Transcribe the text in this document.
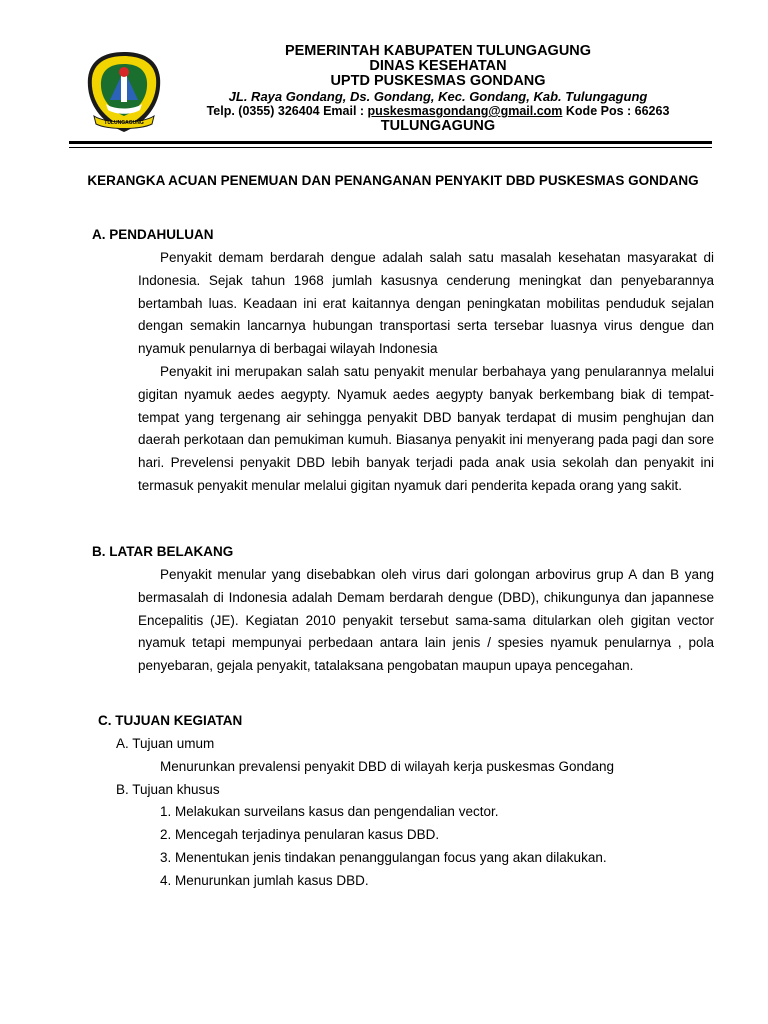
TULUNGAGUNG
PEMERINTAH KABUPATEN TULUNGAGUNG
DINAS KESEHATAN
UPTD PUSKESMAS GONDANG
JL. Raya Gondang, Ds. Gondang, Kec. Gondang, Kab. Tulungagung
Telp. (0355) 326404 Email : puskesmasgondang@gmail.com Kode Pos : 66263
TULUNGAGUNG
KERANGKA ACUAN PENEMUAN DAN PENANGANAN PENYAKIT DBD PUSKESMAS GONDANG
A. PENDAHULUAN

Penyakit demam berdarah dengue adalah salah satu masalah kesehatan masyarakat di Indonesia. Sejak tahun 1968 jumlah kasusnya cenderung meningkat dan penyebarannya bertambah luas. Keadaan ini erat kaitannya dengan peningkatan mobilitas penduduk sejalan dengan semakin lancarnya hubungan transportasi serta tersebar luasnya virus dengue dan nyamuk penularnya di berbagai wilayah Indonesia

Penyakit ini merupakan salah satu penyakit menular berbahaya yang penularannya melalui gigitan nyamuk aedes aegypty. Nyamuk aedes aegypty banyak berkembang biak di tempat-tempat yang tergenang air sehingga penyakit DBD banyak terdapat di musim penghujan dan daerah perkotaan dan pemukiman kumuh. Biasanya penyakit ini menyerang pada pagi dan sore hari. Prevelensi penyakit DBD lebih banyak terjadi pada anak usia sekolah dan penyakit ini termasuk penyakit menular melalui gigitan nyamuk dari penderita kepada orang yang sakit.

B. LATAR BELAKANG

Penyakit menular yang disebabkan oleh virus dari golongan arbovirus grup A dan B yang bermasalah di Indonesia adalah Demam berdarah dengue (DBD), chikungunya dan japannese Encepalitis (JE). Kegiatan 2010 penyakit tersebut sama-sama ditularkan oleh gigitan vector nyamuk tetapi mempunyai perbedaan antara lain jenis / spesies nyamuk penularnya , pola penyebaran, gejala penyakit, tatalaksana pengobatan maupun upaya pencegahan.

C. TUJUAN KEGIATAN
A. Tujuan umum
Menurunkan prevalensi penyakit DBD di wilayah kerja puskesmas Gondang
B. Tujuan khusus
1. Melakukan surveilans kasus dan pengendalian vector.
2. Mencegah terjadinya penularan kasus DBD.
3. Menentukan jenis tindakan penanggulangan focus yang akan dilakukan.
4. Menurunkan jumlah kasus DBD.
